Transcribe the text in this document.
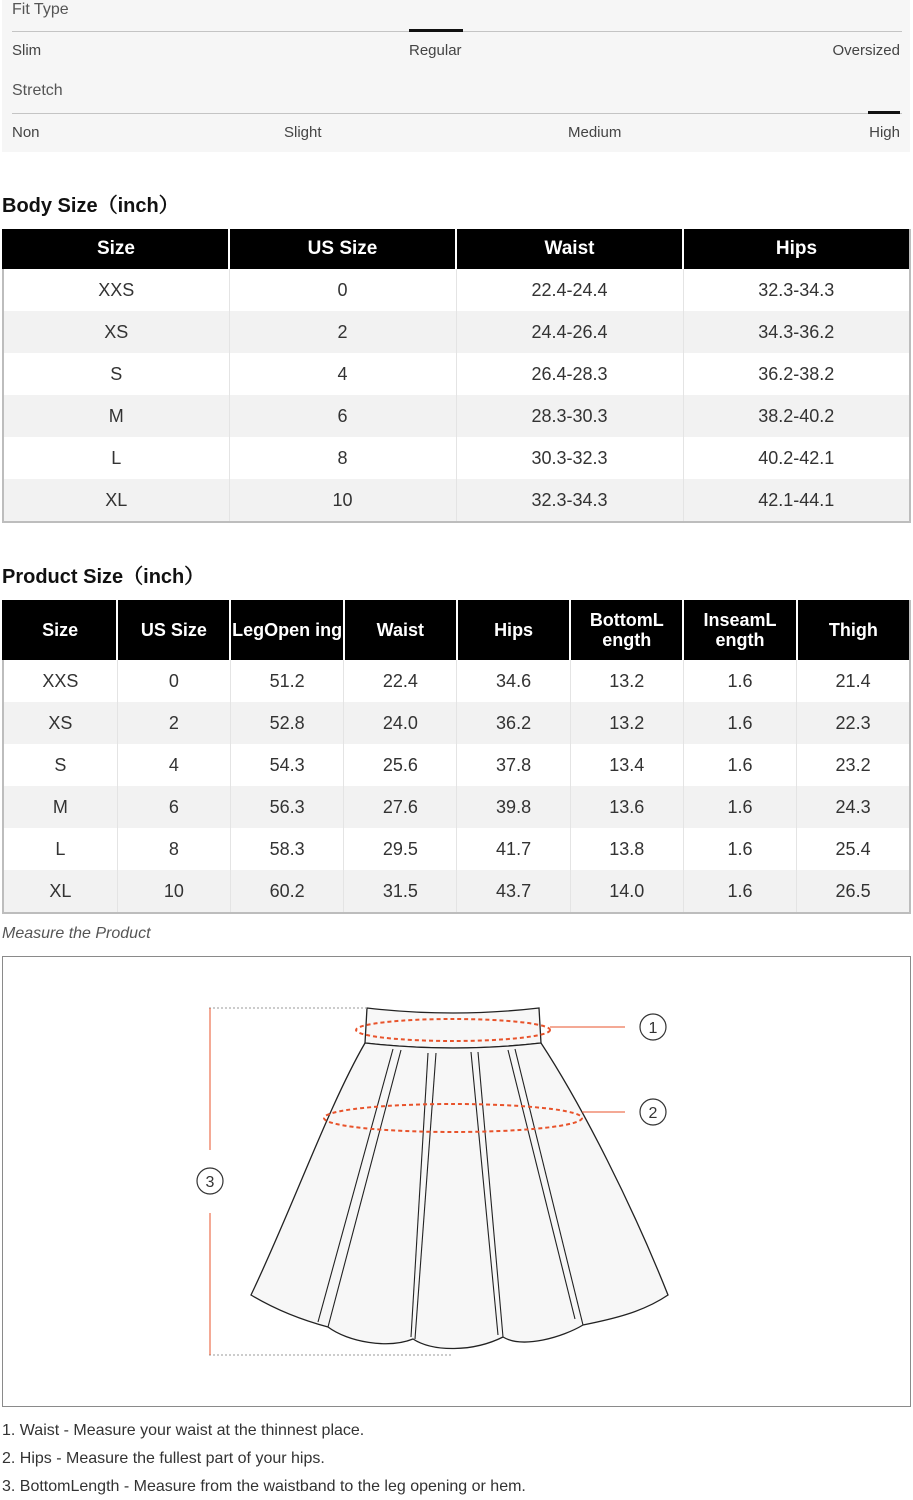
Fit Type
Slim	Regular	Oversized
Stretch
Non	Slight	Medium	High
Body Size（inch）
Size	US Size	Waist	Hips
XXS	0	22.4-24.4	32.3-34.3
XS	2	24.4-26.4	34.3-36.2
S	4	26.4-28.3	36.2-38.2
M	6	28.3-30.3	38.2-40.2
L	8	30.3-32.3	40.2-42.1
XL	10	32.3-34.3	42.1-44.1
Product Size（inch）
Size	US Size	LegOpen ing	Waist	Hips	BottomL ength	InseamL ength	Thigh
XXS	0	51.2	22.4	34.6	13.2	1.6	21.4
XS	2	52.8	24.0	36.2	13.2	1.6	22.3
S	4	54.3	25.6	37.8	13.4	1.6	23.2
M	6	56.3	27.6	39.8	13.6	1.6	24.3
L	8	58.3	29.5	41.7	13.8	1.6	25.4
XL	10	60.2	31.5	43.7	14.0	1.6	26.5
Measure the Product
1
2
3
1. Waist - Measure your waist at the thinnest place.
2. Hips - Measure the fullest part of your hips.
3. BottomLength - Measure from the waistband to the leg opening or hem.
